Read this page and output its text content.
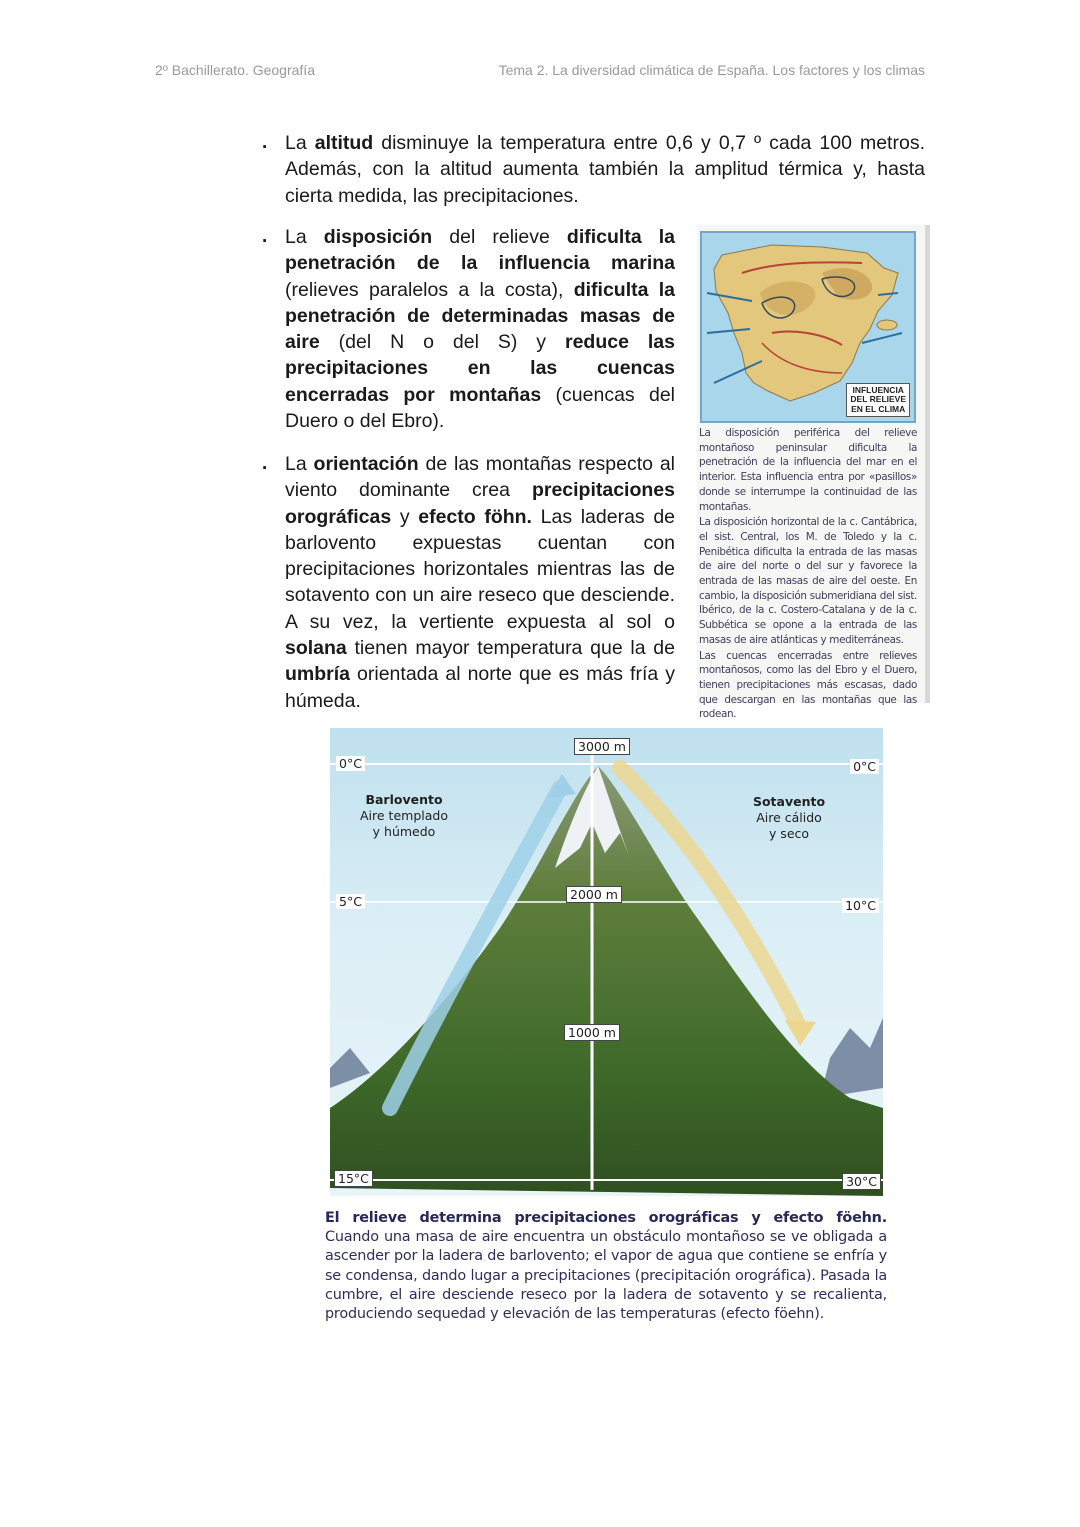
2º Bachillerato. Geografía	Tema 2. La diversidad climática de España. Los factores y los climas
. La altitud disminuye la temperatura entre 0,6 y 0,7 º cada 100 metros. Además, con la altitud aumenta también la amplitud térmica y, hasta cierta medida, las precipitaciones.
. La disposición del relieve dificulta la penetración de la influencia marina (relieves paralelos a la costa), dificulta la penetración de determinadas masas de aire (del N o del S) y reduce las precipitaciones en las cuencas encerradas por montañas (cuencas del Duero o del Ebro).
. La orientación de las montañas respecto al viento dominante crea precipitaciones orográficas y efecto föhn. Las laderas de barlovento expuestas cuentan con precipitaciones horizontales mientras las de sotavento con un aire reseco que desciende. A su vez, la vertiente expuesta al sol o solana tienen mayor temperatura que la de umbría orientada al norte que es más fría y húmeda.
INFLUENCIA
DEL RELIEVE
EN EL CLIMA

La disposición periférica del relieve montañoso peninsular dificulta la penetración de la influencia del mar en el interior. Esta influencia entra por «pasillos» donde se interrumpe la continuidad de las montañas.

La disposición horizontal de la c. Cantábrica, el sist. Central, los M. de Toledo y la c. Penibética dificulta la entrada de las masas de aire del norte o del sur y favorece la entrada de las masas de aire del oeste. En cambio, la disposición submeridiana del sist. Ibérico, de la c. Costero-Catalana y de la c. Subbética se opone a la entrada de las masas de aire atlánticas y mediterráneas.

Las cuencas encerradas entre relieves montañosos, como las del Ebro y el Duero, tienen precipitaciones más escasas, dado que descargan en las montañas que las rodean.

3000 m
2000 m
1000 m
0°C
5°C
15°C
0°C
10°C
30°C
Barlovento
Aire templado
y húmedo
Sotavento
Aire cálido
y seco
El relieve determina precipitaciones orográficas y efecto föehn. Cuando una masa de aire encuentra un obstáculo montañoso se ve obligada a ascender por la ladera de barlovento; el vapor de agua que contiene se enfría y se condensa, dando lugar a precipitaciones (precipitación orográfica). Pasada la cumbre, el aire desciende reseco por la ladera de sotavento y se recalienta, produciendo sequedad y elevación de las temperaturas (efecto föehn).
